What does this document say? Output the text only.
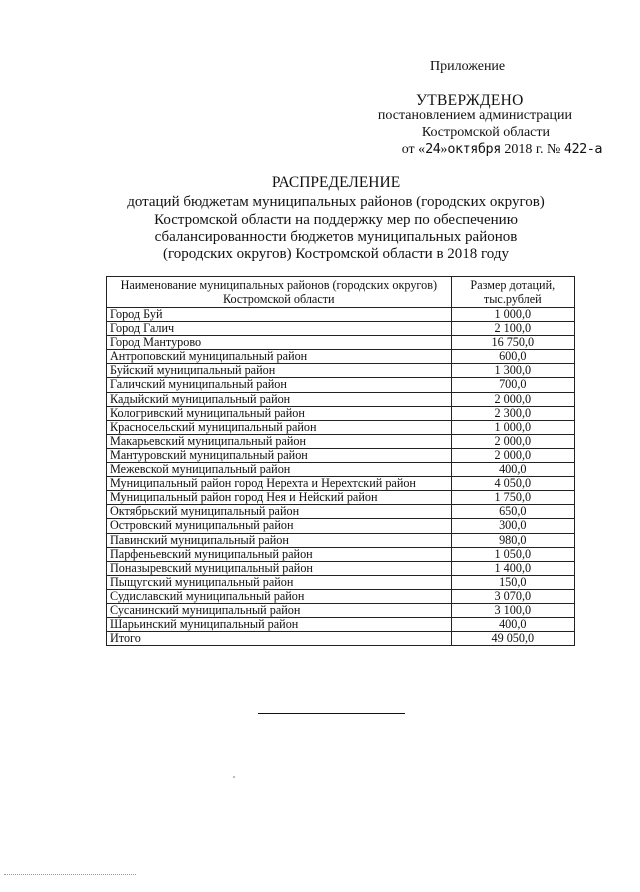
Приложение
УТВЕРЖДЕНО
постановлением администрации
Костромской области
от «24»октября 2018 г. № 422-а
РАСПРЕДЕЛЕНИЕ
дотаций бюджетам муниципальных районов (городских округов)
Костромской области на поддержку мер по обеспечению
сбалансированности бюджетов муниципальных районов
(городских округов) Костромской области в 2018 году
Наименование муниципальных районов (городских округов)
Костромской области	Размер дотаций,
тыс.рублей
Город Буй	1 000,0
Город Галич	2 100,0
Город Мантурово	16 750,0
Антроповский муниципальный район	600,0
Буйский муниципальный район	1 300,0
Галичский муниципальный район	700,0
Кадыйский муниципальный район	2 000,0
Кологривский муниципальный район	2 300,0
Красносельский муниципальный район	1 000,0
Макарьевский муниципальный район	2 000,0
Мантуровский муниципальный район	2 000,0
Межевской муниципальный район	400,0
Муниципальный район город Нерехта и Нерехтский район	4 050,0
Муниципальный район город Нея и Нейский район	1 750,0
Октябрьский муниципальный район	650,0
Островский муниципальный район	300,0
Павинский муниципальный район	980,0
Парфеньевский муниципальный район	1 050,0
Поназыревский муниципальный район	1 400,0
Пыщугский муниципальный район	150,0
Судиславский муниципальный район	3 070,0
Сусанинский муниципальный район	3 100,0
Шарьинский муниципальный район	400,0
Итого	49 050,0
